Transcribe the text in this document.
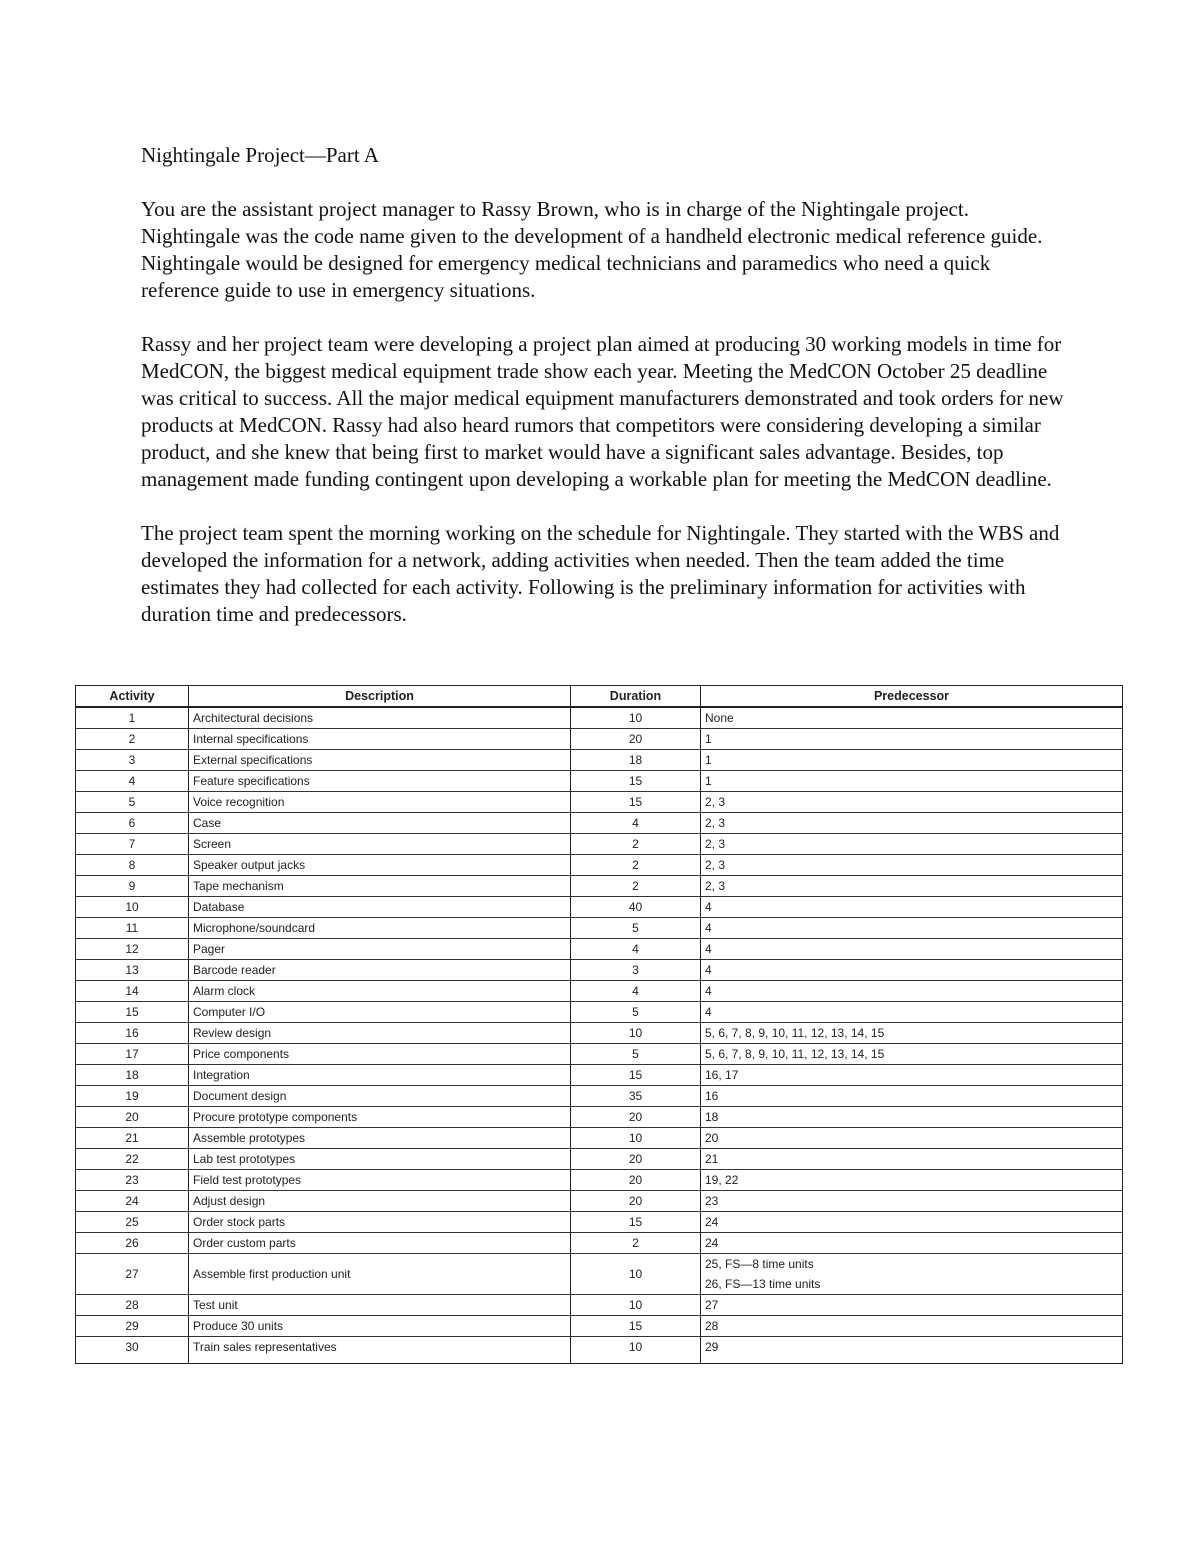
Nightingale Project—Part A

You are the assistant project manager to Rassy Brown, who is in charge of the Nightingale project. Nightingale was the code name given to the development of a handheld electronic medical reference guide. Nightingale would be designed for emergency medical technicians and paramedics who need a quick reference guide to use in emergency situations.

Rassy and her project team were developing a project plan aimed at producing 30 working models in time for MedCON, the biggest medical equipment trade show each year. Meeting the MedCON October 25 deadline was critical to success. All the major medical equipment manufacturers demonstrated and took orders for new products at MedCON. Rassy had also heard rumors that competitors were considering developing a similar product, and she knew that being first to market would have a significant sales advantage. Besides, top management made funding contingent upon developing a workable plan for meeting the MedCON deadline.

The project team spent the morning working on the schedule for Nightingale. They started with the WBS and developed the information for a network, adding activities when needed. Then the team added the time estimates they had collected for each activity. Following is the preliminary information for activities with duration time and predecessors.

Activity	Description	Duration	Predecessor
1	Architectural decisions	10	None

2	Internal specifications	20	1

3	External specifications	18	1

4	Feature specifications	15	1

5	Voice recognition	15	2, 3

6	Case	4	2, 3

7	Screen	2	2, 3

8	Speaker output jacks	2	2, 3

9	Tape mechanism	2	2, 3

10	Database	40	4

11	Microphone/soundcard	5	4

12	Pager	4	4

13	Barcode reader	3	4

14	Alarm clock	4	4

15	Computer I/O	5	4

16	Review design	10	5, 6, 7, 8, 9, 10, 11, 12, 13, 14, 15

17	Price components	5	5, 6, 7, 8, 9, 10, 11, 12, 13, 14, 15

18	Integration	15	16, 17

19	Document design	35	16

20	Procure prototype components	20	18

21	Assemble prototypes	10	20

22	Lab test prototypes	20	21

23	Field test prototypes	20	19, 22

24	Adjust design	20	23

25	Order stock parts	15	24

26	Order custom parts	2	24

27	Assemble first production unit	10	25, FS—8 time units
26, FS—13 time units

28	Test unit	10	27

29	Produce 30 units	15	28

30	Train sales representatives	10	29
